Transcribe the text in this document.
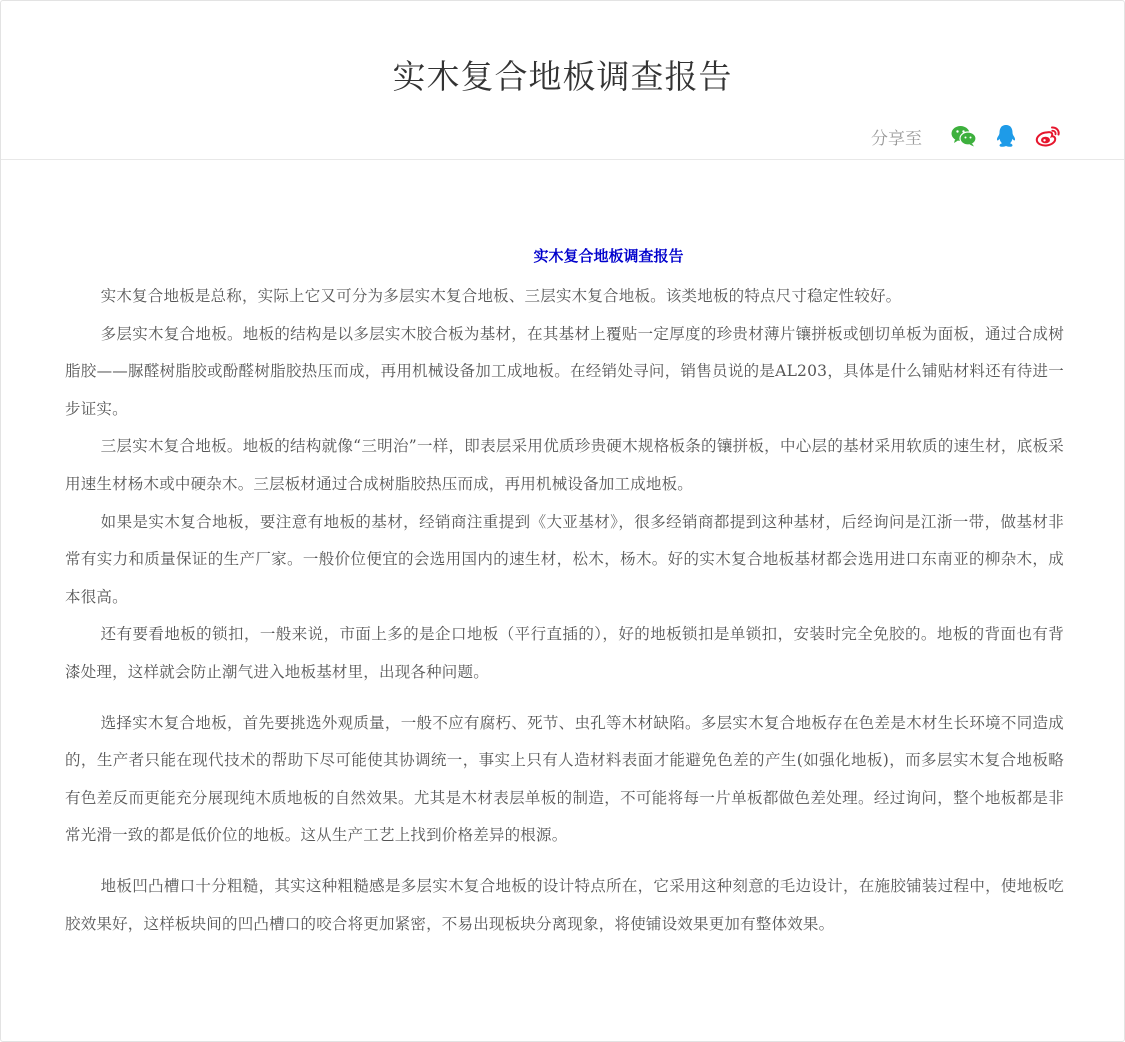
实木复合地板调查报告
分享至
实木复合地板调查报告

实木复合地板是总称，实际上它又可分为多层实木复合地板、三层实木复合地板。该类地板的特点尺寸稳定性较好。

多层实木复合地板。地板的结构是以多层实木胶合板为基材，在其基材上覆贴一定厚度的珍贵材薄片镶拼板或刨切单板为面板，通过合成树脂胶——脲醛树脂胶或酚醛树脂胶热压而成，再用机械设备加工成地板。在经销处寻问，销售员说的是AL203，具体是什么铺贴材料还有待进一步证实。

三层实木复合地板。地板的结构就像“三明治”一样，即表层采用优质珍贵硬木规格板条的镶拼板，中心层的基材采用软质的速生材，底板采用速生材杨木或中硬杂木。三层板材通过合成树脂胶热压而成，再用机械设备加工成地板。

如果是实木复合地板，要注意有地板的基材，经销商注重提到《大亚基材》，很多经销商都提到这种基材，后经询问是江浙一带，做基材非常有实力和质量保证的生产厂家。一般价位便宜的会选用国内的速生材，松木，杨木。好的实木复合地板基材都会选用进口东南亚的柳杂木，成本很高。

还有要看地板的锁扣，一般来说，市面上多的是企口地板（平行直插的），好的地板锁扣是单锁扣，安装时完全免胶的。地板的背面也有背漆处理，这样就会防止潮气进入地板基材里，出现各种问题。

选择实木复合地板，首先要挑选外观质量，一般不应有腐朽、死节、虫孔等木材缺陷。多层实木复合地板存在色差是木材生长环境不同造成的，生产者只能在现代技术的帮助下尽可能使其协调统一，事实上只有人造材料表面才能避免色差的产生(如强化地板)，而多层实木复合地板略有色差反而更能充分展现纯木质地板的自然效果。尤其是木材表层单板的制造，不可能将每一片单板都做色差处理。经过询问，整个地板都是非常光滑一致的都是低价位的地板。这从生产工艺上找到价格差异的根源。

地板凹凸槽口十分粗糙，其实这种粗糙感是多层实木复合地板的设计特点所在，它采用这种刻意的毛边设计，在施胶铺装过程中，使地板吃胶效果好，这样板块间的凹凸槽口的咬合将更加紧密，不易出现板块分离现象，将使铺设效果更加有整体效果。
